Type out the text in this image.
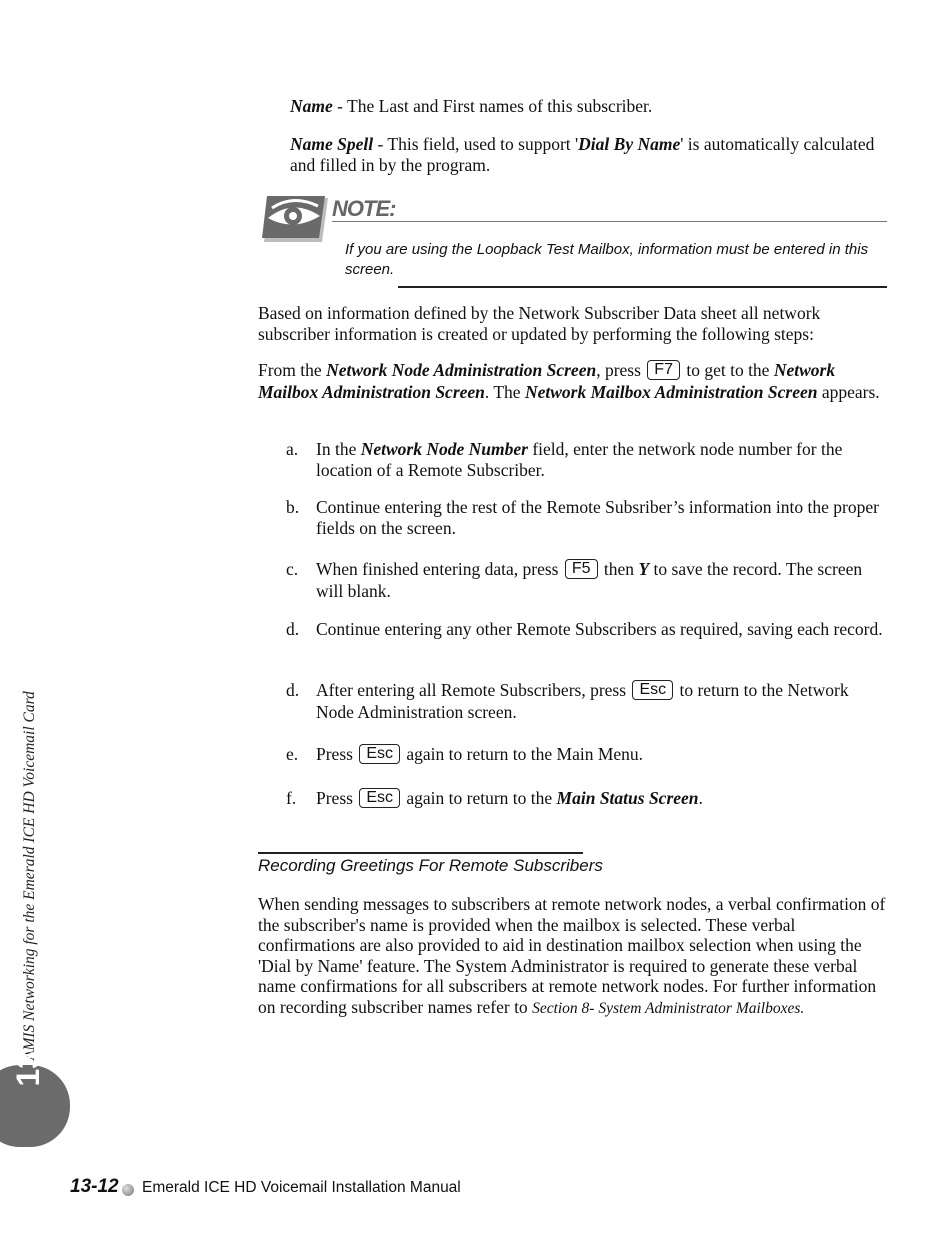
Name - The Last and First names of this subscriber.
Name Spell - This field, used to support 'Dial By Name' is automatically calculated and filled in by the program.
NOTE:
If you are using the Loopback Test Mailbox, information must be entered in this screen.
Based on information defined by the Network Subscriber Data sheet all network subscriber information is created or updated by performing the following steps:
From the Network Node Administration Screen, press F7 to get to the Network Mailbox Administration Screen. The Network Mailbox Administration Screen appears.
a. In the Network Node Number field, enter the network node number for the location of a Remote Subscriber.
b. Continue entering the rest of the Remote Subsriber’s information into the proper fields on the screen.
c. When finished entering data, press F5 then Y to save the record. The screen will blank.
d. Continue entering any other Remote Subscribers as required, saving each record.
d. After entering all Remote Subscribers, press Esc to return to the Network Node Administration screen.
e. Press Esc again to return to the Main Menu.
f. Press Esc again to return to the Main Status Screen.
Recording Greetings For Remote Subscribers
When sending messages to subscribers at remote network nodes, a verbal confirmation of the subscriber's name is provided when the mailbox is selected. These verbal confirmations are also provided to aid in destination mailbox selection when using the 'Dial by Name' feature. The System Administrator is required to generate these verbal name confirmations for all subscribers at remote network nodes. For further information on recording subscriber names refer to Section 8- System Administrator Mailboxes.
AMIS Networking for the Emerald ICE HD Voicemail Card
13
13-12 Emerald ICE HD Voicemail Installation Manual
